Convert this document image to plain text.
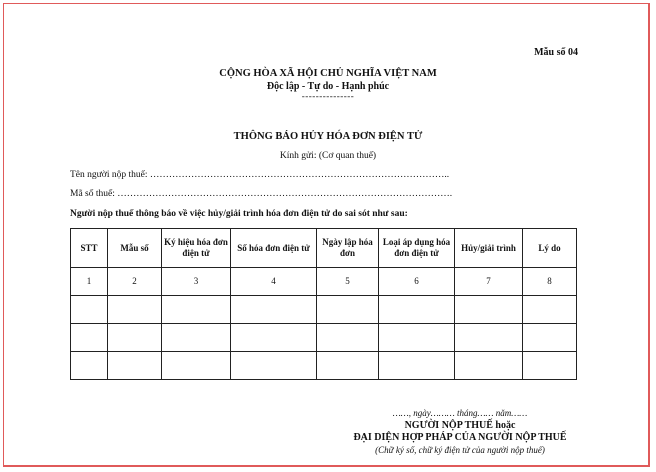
Mẫu số 04
CỘNG HÒA XÃ HỘI CHỦ NGHĨA VIỆT NAM
Độc lập - Tự do - Hạnh phúc
---------------
THÔNG BÁO HỦY HÓA ĐƠN ĐIỆN TỬ
Kính gửi: (Cơ quan thuế)
Tên người nộp thuế: …………………………………………………………………………………..
Mã số thuế: …………………………………………………………………………………………….
Người nộp thuế thông báo về việc hủy/giải trình hóa đơn điện tử do sai sót như sau:
STT	Mẫu số	Ký hiệu hóa đơn điện tử	Số hóa đơn điện tử	Ngày lập hóa đơn	Loại áp dụng hóa đơn điện tử	Hủy/giải trình	Lý do
1	2	3	4	5	6	7	8

……, ngày……… tháng…… năm……
NGƯỜI NỘP THUẾ hoặc
ĐẠI DIỆN HỢP PHÁP CỦA NGƯỜI NỘP THUẾ
(Chữ ký số, chữ ký điện tử của người nộp thuế)
